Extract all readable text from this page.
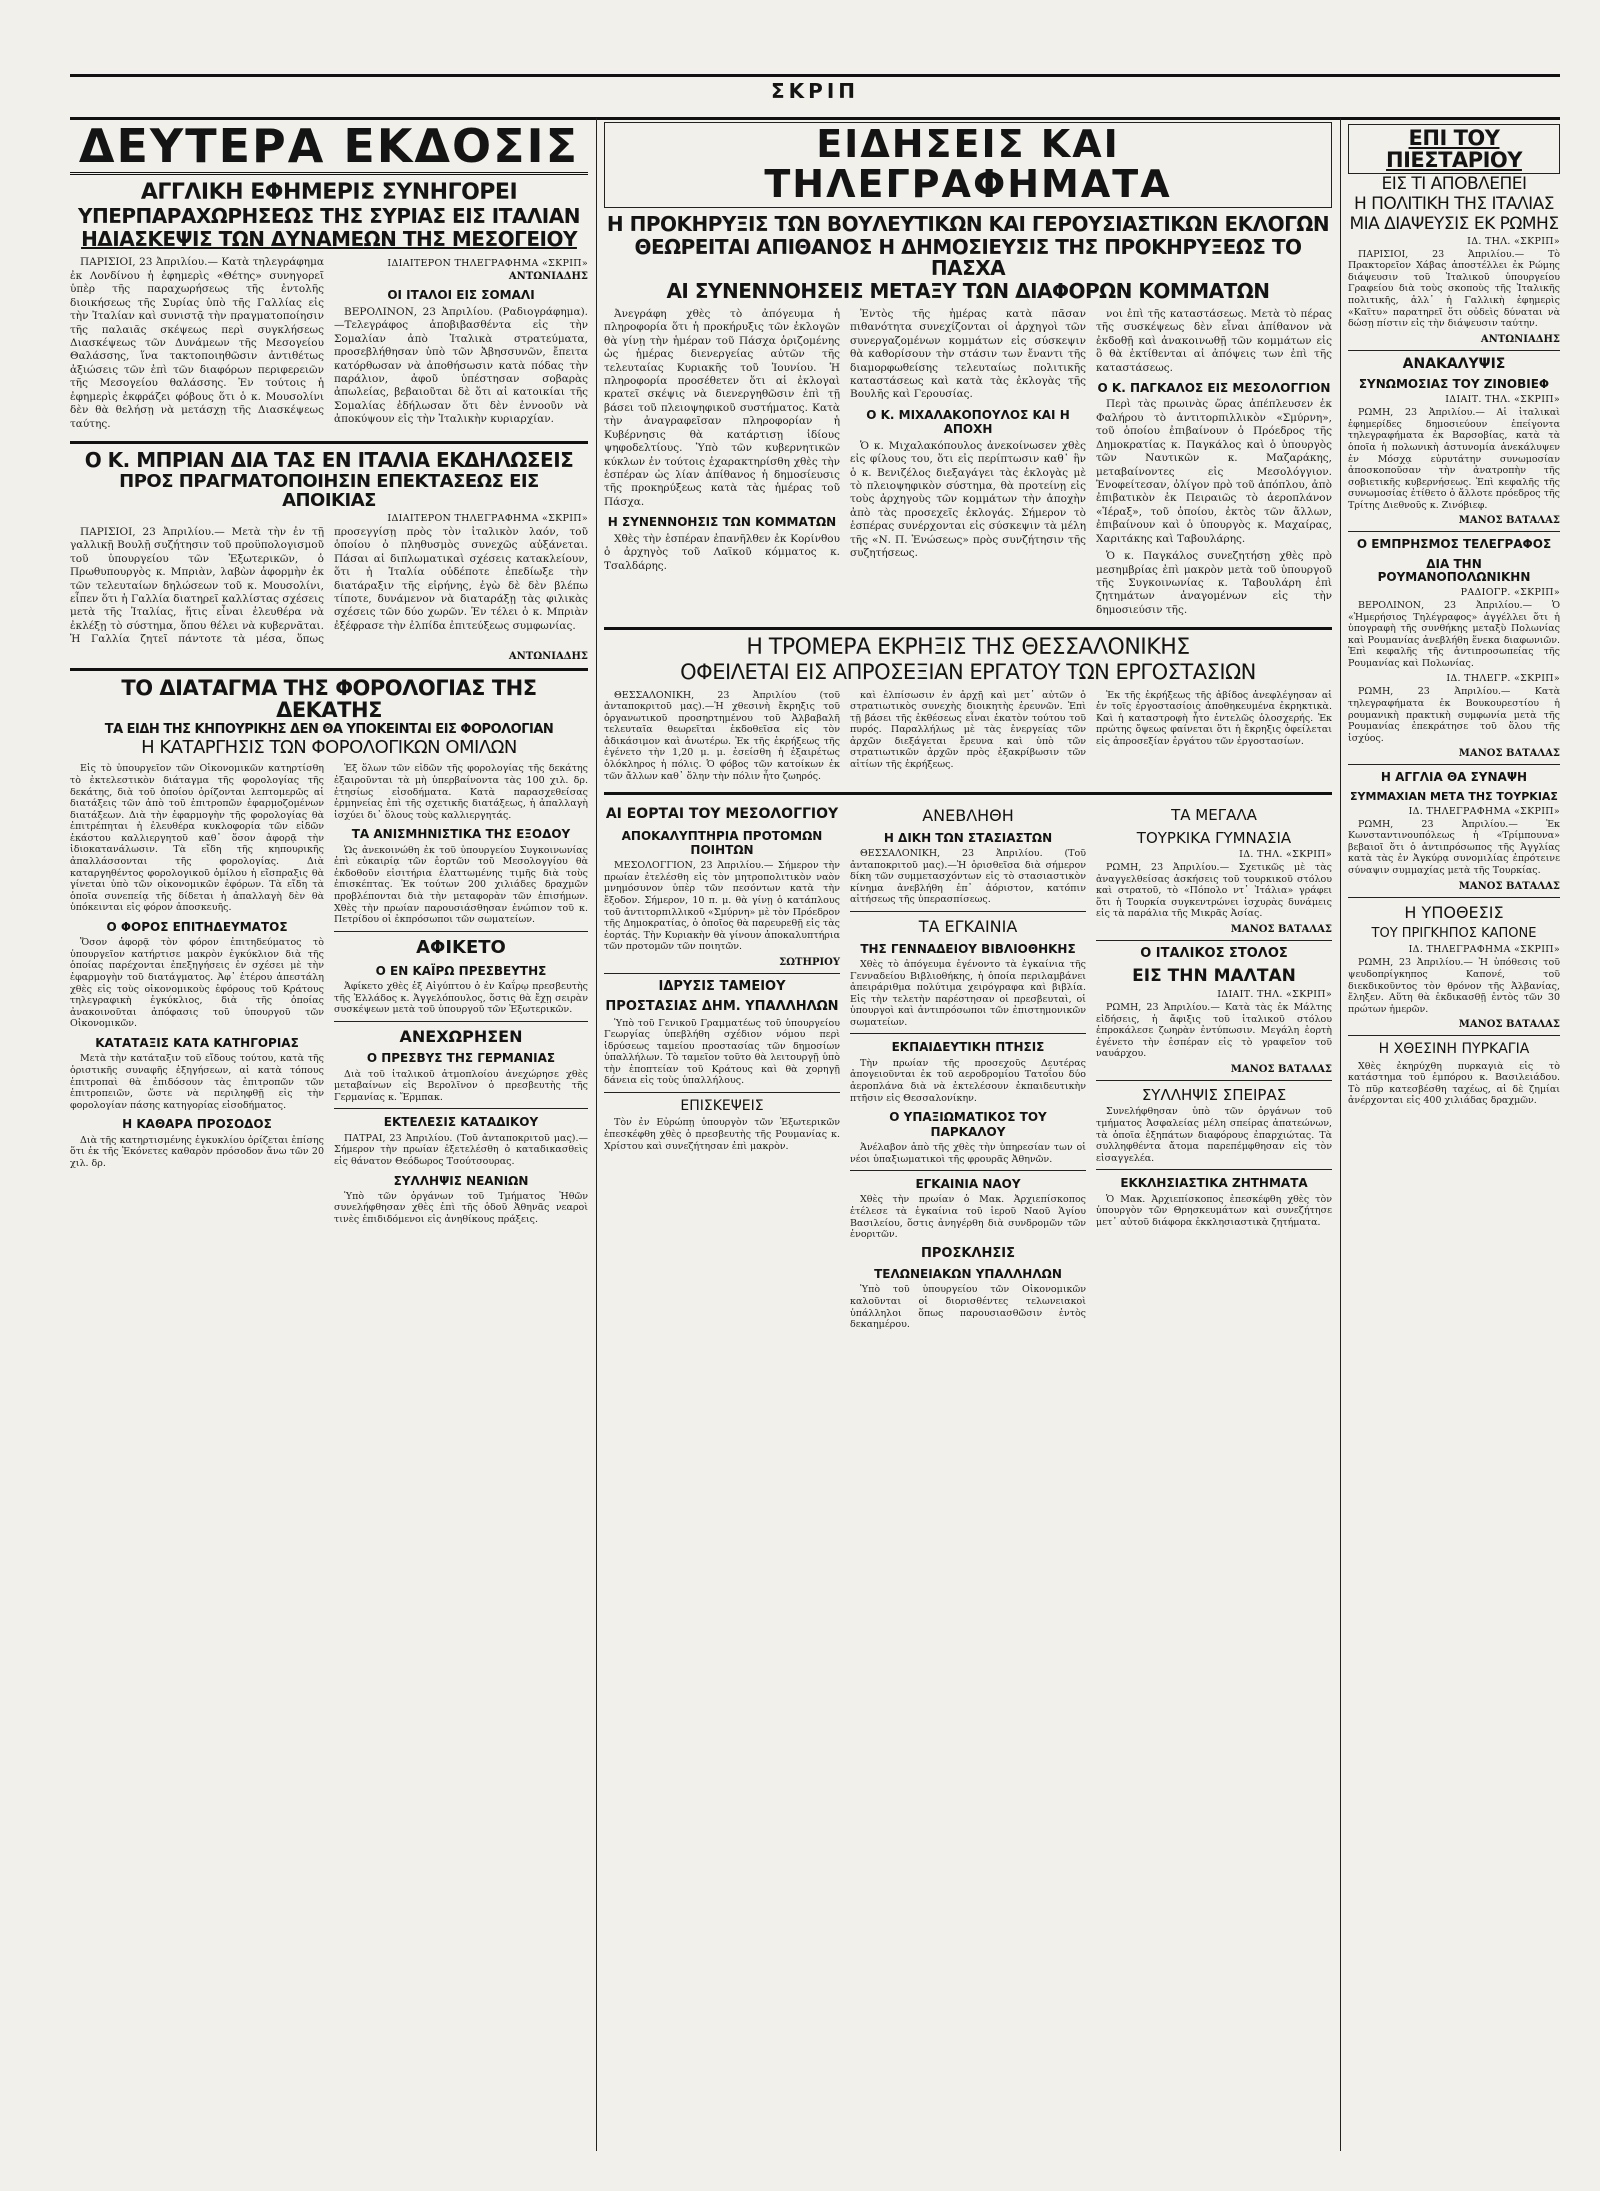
ΣΚΡΙΠ
ΔΕΥΤΕΡΑ ΕΚΔΟΣΙΣ
ΑΓΓΛΙΚΗ ΕΦΗΜΕΡΙΣ ΣΥΝΗΓΟΡΕΙ
ΥΠΕΡΠΑΡΑΧΩΡΗΣΕΩΣ ΤΗΣ ΣΥΡΙΑΣ ΕΙΣ ΙΤΑΛΙΑΝ
ΗΔΙΑΣΚΕΨΙΣ ΤΩΝ ΔΥΝΑΜΕΩΝ ΤΗΣ ΜΕΣΟΓΕΙΟΥ

ΠΑΡΙΣΙΟΙ, 23 Ἀπριλίου.— Κατὰ τηλεγράφημα ἐκ Λονδίνου ἡ ἐφημερὶς «Θέτης» συνηγορεῖ ὑπὲρ τῆς παραχωρήσεως τῆς ἐντολῆς διοικήσεως τῆς Συρίας ὑπὸ τῆς Γαλλίας εἰς τὴν Ἰταλίαν καὶ συνιστᾷ τὴν πραγματοποίησιν τῆς παλαιᾶς σκέψεως περὶ συγκλήσεως Διασκέψεως τῶν Δυνάμεων τῆς Μεσογείου Θαλάσσης, ἵνα τακτοποιηθῶσιν ἀντιθέτως ἀξιώσεις τῶν ἐπὶ τῶν διαφόρων περιφερειῶν τῆς Μεσογείου θαλάσσης. Ἐν τούτοις ἡ ἐφημερὶς ἐκφράζει φόβους ὅτι ὁ κ. Μουσολίνι δὲν θὰ θελήσῃ νὰ μετάσχῃ τῆς Διασκέψεως ταύτης.

ΙΔΙΑΙΤΕΡΟΝ ΤΗΛΕΓΡΑΦΗΜΑ «ΣΚΡΙΠ»
ΑΝΤΩΝΙΑΔΗΣ
ΟΙ ΙΤΑΛΟΙ ΕΙΣ ΣΟΜΑΛΙ

ΒΕΡΟΛΙΝΟΝ, 23 Ἀπριλίου. (Ραδιογράφημα).—Τελεγράφος ἀποβιβασθέντα εἰς τὴν Σομαλίαν ἀπὸ Ἰταλικὰ στρατεύματα, προσεβλήθησαν ὑπὸ τῶν Ἀβησσυνῶν, ἔπειτα κατόρθωσαν νὰ ἀποθήσωσιν κατὰ πόδας τὴν παράλιον, ἀφοῦ ὑπέστησαν σοβαρὰς ἀπωλείας, βεβαιοῦται δὲ ὅτι αἱ κατοικίαι τῆς Σομαλίας ἐδήλωσαν ὅτι δὲν ἐννοοῦν νὰ ἀποκύψουν εἰς τὴν Ἰταλικὴν κυριαρχίαν.

Ο Κ. ΜΠΡΙΑΝ ΔΙΑ ΤΑΣ ΕΝ ΙΤΑΛΙΑ ΕΚΔΗΛΩΣΕΙΣ
ΠΡΟΣ ΠΡΑΓΜΑΤΟΠΟΙΗΣΙΝ ΕΠΕΚΤΑΣΕΩΣ ΕΙΣ ΑΠΟΙΚΙΑΣ
ΙΔΙΑΙΤΕΡΟΝ ΤΗΛΕΓΡΑΦΗΜΑ «ΣΚΡΙΠ»

ΠΑΡΙΣΙΟΙ, 23 Ἀπριλίου.— Μετὰ τὴν ἐν τῇ γαλλικῇ Βουλῇ συζήτησιν τοῦ προϋπολογισμοῦ τοῦ ὑπουργείου τῶν Ἐξωτερικῶν, ὁ Πρωθυπουργὸς κ. Μπριὰν, λαβὼν ἀφορμὴν ἐκ τῶν τελευταίων δηλώσεων τοῦ κ. Μουσολίνι, εἶπεν ὅτι ἡ Γαλλία διατηρεῖ καλλίστας σχέσεις μετὰ τῆς Ἰταλίας, ἥτις εἶναι ἐλευθέρα νὰ ἐκλέξῃ τὸ σύστημα, ὅπου θέλει νὰ κυβερνᾶται. Ἡ Γαλλία ζητεῖ πάντοτε τὰ μέσα, ὅπως προσεγγίσῃ πρὸς τὸν ἰταλικὸν λαόν, τοῦ ὁποίου ὁ πληθυσμὸς συνεχῶς αὐξάνεται. Πάσαι αἱ διπλωματικαὶ σχέσεις κατακλείουν, ὅτι ἡ Ἰταλία οὐδέποτε ἐπεδίωξε τὴν διατάραξιν τῆς εἰρήνης, ἐγὼ δὲ δὲν βλέπω τίποτε, δυνάμενον νὰ διαταράξῃ τὰς φιλικὰς σχέσεις τῶν δύο χωρῶν. Ἐν τέλει ὁ κ. Μπριὰν ἐξέφρασε τὴν ἐλπίδα ἐπιτεύξεως συμφωνίας.

ΑΝΤΩΝΙΑΔΗΣ
ΤΟ ΔΙΑΤΑΓΜΑ ΤΗΣ ΦΟΡΟΛΟΓΙΑΣ ΤΗΣ ΔΕΚΑΤΗΣ
ΤΑ ΕΙΔΗ ΤΗΣ ΚΗΠΟΥΡΙΚΗΣ ΔΕΝ ΘΑ ΥΠΟΚΕΙΝΤΑΙ ΕΙΣ ΦΟΡΟΛΟΓΙΑΝ
Η ΚΑΤΑΡΓΗΣΙΣ ΤΩΝ ΦΟΡΟΛΟΓΙΚΩΝ ΟΜΙΛΩΝ

Εἰς τὸ ὑπουργεῖον τῶν Οἰκονομικῶν κατηρτίσθη τὸ ἐκτελεστικὸν διάταγμα τῆς φορολογίας τῆς δεκάτης, διὰ τοῦ ὁποίου ὁρίζονται λεπτομερῶς αἱ διατάξεις τῶν ἀπὸ τοῦ ἐπιτροπῶν ἐφαρμοζομένων διατάξεων. Διὰ τὴν ἐφαρμογὴν τῆς φορολογίας θὰ ἐπιτρέπηται ἡ ἐλευθέρα κυκλοφορία τῶν εἰδῶν ἑκάστου καλλιεργητοῦ καθ᾽ ὅσον ἀφορᾷ τὴν ἰδιοκατανάλωσιν. Τὰ εἴδη τῆς κηπουρικῆς ἀπαλλάσσονται τῆς φορολογίας. Διὰ καταργηθέντος φορολογικοῦ ὀμίλου ἡ εἴσπραξις θὰ γίνεται ὑπὸ τῶν οἰκονομικῶν ἐφόρων. Τὰ εἴδη τὰ ὁποῖα συνεπείᾳ τῆς δίδεται ἡ ἀπαλλαγὴ δὲν θὰ ὑπόκεινται εἰς φόρον ἀποσκευῆς.

Ο ΦΟΡΟΣ ΕΠΙΤΗΔΕΥΜΑΤΟΣ

Ὅσον ἀφορᾷ τὸν φόρον ἐπιτηδεύματος τὸ ὑπουργεῖον κατήρτισε μακρὸν ἐγκύκλιον διὰ τῆς ὁποίας παρέχονται ἐπεξηγήσεις ἐν σχέσει μὲ τὴν ἐφαρμογὴν τοῦ διατάγματος. Ἀφ᾽ ἑτέρου ἀπεστάλη χθὲς εἰς τοὺς οἰκονομικοὺς ἐφόρους τοῦ Κράτους τηλεγραφικὴ ἐγκύκλιος, διὰ τῆς ὁποίας ἀνακοινοῦται ἀπόφασις τοῦ ὑπουργοῦ τῶν Οἰκονομικῶν.

ΚΑΤΑΤΑΞΙΣ ΚΑΤΑ ΚΑΤΗΓΟΡΙΑΣ

Μετὰ τὴν κατάταξιν τοῦ εἴδους τούτου, κατὰ τῆς ὁριστικῆς συναφῆς ἐξηγήσεων, αἱ κατὰ τόπους ἐπιτροπαὶ θὰ ἐπιδόσουν τὰς ἐπιτροπῶν τῶν ἐπιτροπειῶν, ὥστε νὰ περιληφθῇ εἰς τὴν φορολογίαν πάσης κατηγορίας εἰσοδήματος.

Η ΚΑΘΑΡΑ ΠΡΟΣΟΔΟΣ

Διὰ τῆς κατηρτισμένης ἐγκυκλίου ὁρίζεται ἐπίσης ὅτι ἐκ τῆς Ἐκόνετες καθαρὸν πρόσοδον ἄνω τῶν 20 χιλ. δρ.

Ἐξ ὅλων τῶν εἰδῶν τῆς φορολογίας τῆς δεκάτης ἐξαιροῦνται τὰ μὴ ὑπερβαίνοντα τὰς 100 χιλ. δρ. ἐτησίως εἰσοδήματα. Κατὰ παρασχεθείσας ἑρμηνείας ἐπὶ τῆς σχετικῆς διατάξεως, ἡ ἀπαλλαγὴ ἰσχύει δι᾽ ὅλους τοὺς καλλιεργητάς.

ΤΑ ΑΝΙΣΜΗΝΙΣΤΙΚΑ ΤΗΣ ΕΞΟΔΟΥ

Ὡς ἀνεκοινώθη ἐκ τοῦ ὑπουργείου Συγκοινωνίας ἐπὶ εὐκαιρίᾳ τῶν ἑορτῶν τοῦ Μεσολογγίου θὰ ἐκδοθοῦν εἰσιτήρια ἐλαττωμένης τιμῆς διὰ τοὺς ἐπισκέπτας. Ἐκ τούτων 200 χιλιάδες δραχμῶν προβλέπονται διὰ τὴν μεταφορὰν τῶν ἐπισήμων. Χθὲς τὴν πρωίαν παρουσιάσθησαν ἐνώπιον τοῦ κ. Πετρίδου οἱ ἐκπρόσωποι τῶν σωματείων.

ΑΦΙΚΕΤΟ
Ο ΕΝ ΚΑΪΡΩ ΠΡΕΣΒΕΥΤΗΣ

Ἀφίκετο χθὲς ἐξ Αἰγύπτου ὁ ἐν Καΐρῳ πρεσβευτὴς τῆς Ἑλλάδος κ. Ἀγγελόπουλος, ὅστις θὰ ἔχῃ σειρὰν συσκέψεων μετὰ τοῦ ὑπουργοῦ τῶν Ἐξωτερικῶν.

ΑΝΕΧΩΡΗΣΕΝ
Ο ΠΡΕΣΒΥΣ ΤΗΣ ΓΕΡΜΑΝΙΑΣ

Διὰ τοῦ ἰταλικοῦ ἀτμοπλοίου ἀνεχώρησε χθὲς μεταβαίνων εἰς Βερολῖνον ὁ πρεσβευτὴς τῆς Γερμανίας κ. Ἔρμπακ.

ΕΚΤΕΛΕΣΙΣ ΚΑΤΑΔΙΚΟΥ

ΠΑΤΡΑΙ, 23 Ἀπριλίου. (Τοῦ ἀνταποκριτοῦ μας).— Σήμερον τὴν πρωίαν ἐξετελέσθη ὁ καταδικασθεὶς εἰς θάνατον Θεόδωρος Τσούτσουρας.

ΣΥΛΛΗΨΙΣ ΝΕΑΝΙΩΝ

Ὑπὸ τῶν ὀργάνων τοῦ Τμήματος Ἠθῶν συνελήφθησαν χθὲς ἐπὶ τῆς ὁδοῦ Ἀθηνᾶς νεαροὶ τινὲς ἐπιδιδόμενοι εἰς ἀνηθίκους πράξεις.

ΕΙΔΗΣΕΙΣ ΚΑΙ ΤΗΛΕΓΡΑΦΗΜΑΤΑ
Η ΠΡΟΚΗΡΥΞΙΣ ΤΩΝ ΒΟΥΛΕΥΤΙΚΩΝ ΚΑΙ ΓΕΡΟΥΣΙΑΣΤΙΚΩΝ ΕΚΛΟΓΩΝ
ΘΕΩΡΕΙΤΑΙ ΑΠΙΘΑΝΟΣ Η ΔΗΜΟΣΙΕΥΣΙΣ ΤΗΣ ΠΡΟΚΗΡΥΞΕΩΣ ΤΟ ΠΑΣΧΑ
ΑΙ ΣΥΝΕΝΝΟΗΣΕΙΣ ΜΕΤΑΞΥ ΤΩΝ ΔΙΑΦΟΡΩΝ ΚΟΜΜΑΤΩΝ

Ἀνεγράφη χθὲς τὸ ἀπόγευμα ἡ πληροφορία ὅτι ἡ προκήρυξις τῶν ἐκλογῶν θὰ γίνῃ τὴν ἡμέραν τοῦ Πάσχα ὁριζομένης ὡς ἡμέρας διενεργείας αὐτῶν τῆς τελευταίας Κυριακῆς τοῦ Ἰουνίου. Ἡ πληροφορία προσέθετεν ὅτι αἱ ἐκλογαὶ κρατεῖ σκέψις νὰ διενεργηθῶσιν ἐπὶ τῇ βάσει τοῦ πλειοψηφικοῦ συστήματος. Κατὰ τὴν ἀναγραφεῖσαν πληροφορίαν ἡ Κυβέρνησις θὰ κατάρτισῃ ἰδίους ψηφοδελτίους. Ὑπὸ τῶν κυβερνητικῶν κύκλων ἐν τούτοις ἐχαρακτηρίσθη χθὲς τὴν ἑσπέραν ὡς λίαν ἀπίθανος ἡ δημοσίευσις τῆς προκηρύξεως κατὰ τὰς ἡμέρας τοῦ Πάσχα.

Η ΣΥΝΕΝΝΟΗΣΙΣ ΤΩΝ ΚΟΜΜΑΤΩΝ

Χθὲς τὴν ἑσπέραν ἐπανῆλθεν ἐκ Κορίνθου ὁ ἀρχηγὸς τοῦ Λαϊκοῦ κόμματος κ. Τσαλδάρης.

Ἐντὸς τῆς ἡμέρας κατὰ πᾶσαν πιθανότητα συνεχίζονται οἱ ἀρχηγοὶ τῶν συνεργαζομένων κομμάτων εἰς σύσκεψιν θὰ καθορίσουν τὴν στάσιν των ἔναντι τῆς διαμορφωθείσης τελευταίως πολιτικῆς καταστάσεως καὶ κατὰ τὰς ἐκλογὰς τῆς Βουλῆς καὶ Γερουσίας.

Ο Κ. ΜΙΧΑΛΑΚΟΠΟΥΛΟΣ ΚΑΙ Η ΑΠΟΧΗ

Ὁ κ. Μιχαλακόπουλος ἀνεκοίνωσεν χθὲς εἰς φίλους του, ὅτι εἰς περίπτωσιν καθ᾽ ἣν ὁ κ. Βενιζέλος διεξαγάγει τὰς ἐκλογὰς μὲ τὸ πλειοψηφικὸν σύστημα, θὰ προτείνῃ εἰς τοὺς ἀρχηγοὺς τῶν κομμάτων τὴν ἀποχὴν ἀπὸ τὰς προσεχεῖς ἐκλογάς. Σήμερον τὸ ἑσπέρας συνέρχονται εἰς σύσκεψιν τὰ μέλη τῆς «Ν. Π. Ἑνώσεως» πρὸς συνζήτησιν τῆς συζητήσεως.

νοι ἐπὶ τῆς καταστάσεως. Μετὰ τὸ πέρας τῆς συσκέψεως δὲν εἶναι ἀπίθανον νὰ ἐκδοθῇ καὶ ἀνακοινωθῇ τῶν κομμάτων εἰς ὃ θὰ ἐκτίθενται αἱ ἀπόψεις των ἐπὶ τῆς καταστάσεως.

Ο Κ. ΠΑΓΚΑΛΟΣ ΕΙΣ ΜΕΣΟΛΟΓΓΙΟΝ

Περὶ τὰς πρωινὰς ὥρας ἀπέπλευσεν ἐκ Φαλήρου τὸ ἀντιτορπιλλικὸν «Σμύρνη», τοῦ ὁποίου ἐπιβαίνουν ὁ Πρόεδρος τῆς Δημοκρατίας κ. Παγκάλος καὶ ὁ ὑπουργὸς τῶν Ναυτικῶν κ. Μαζαράκης, μεταβαίνοντες εἰς Μεσολόγγιον. Ἐνοφείτεσαν, ὀλίγον πρὸ τοῦ ἀπόπλου, ἀπὸ ἐπιβατικὸν ἐκ Πειραιῶς τὸ ἀεροπλάνον «Ἱέραξ», τοῦ ὁποίου, ἐκτὸς τῶν ἄλλων, ἐπιβαίνουν καὶ ὁ ὑπουργὸς κ. Μαχαίρας, Χαριτάκης καὶ Ταβουλάρης.

Ὁ κ. Παγκάλος συνεζητήσῃ χθὲς πρὸ μεσημβρίας ἐπὶ μακρὸν μετὰ τοῦ ὑπουργοῦ τῆς Συγκοινωνίας κ. Ταβουλάρη ἐπὶ ζητημάτων ἀναγομένων εἰς τὴν δημοσιεύσιν τῆς.

Η ΤΡΟΜΕΡΑ ΕΚΡΗΞΙΣ ΤΗΣ ΘΕΣΣΑΛΟΝΙΚΗΣ
ΟΦΕΙΛΕΤΑΙ ΕΙΣ ΑΠΡΟΣΕΞΙΑΝ ΕΡΓΑΤΟΥ ΤΩΝ ΕΡΓΟΣΤΑΣΙΩΝ

ΘΕΣΣΑΛΟΝΙΚΗ, 23 Ἀπριλίου (τοῦ ἀνταποκριτοῦ μας).—Ἡ χθεσινὴ ἔκρηξις τοῦ ὀργανωτικοῦ προσηρτημένου τοῦ Ἀλβαβαλῆ τελευταῖα θεωρεῖται ἐκδοθεῖσα εἰς τὸν ἀδικάσιμον καὶ ἀνωτέρω. Ἐκ τῆς ἐκρήξεως τῆς ἐγένετο τὴν 1,20 μ. μ. ἐσείσθη ἡ ἐξαιρέτως ὁλόκληρος ἡ πόλις. Ὁ φόβος τῶν κατοίκων ἐκ τῶν ἄλλων καθ᾽ ὅλην τὴν πόλιν ἦτο ζωηρός.

καὶ ἐλπίσωσιν ἐν ἀρχῇ καὶ μετ᾽ αὐτῶν ὁ στρατιωτικὸς συνεχὴς διοικητὴς ἐρευνῶν. Ἐπὶ τῇ βάσει τῆς ἐκθέσεως εἶναι ἐκατὸν τούτου τοῦ πυρός. Παραλλήλως μὲ τὰς ἐνεργείας τῶν ἀρχῶν διεξάγεται ἔρευνα καὶ ὑπὸ τῶν στρατιωτικῶν ἀρχῶν πρὸς ἐξακρίβωσιν τῶν αἰτίων τῆς ἐκρήξεως.

Ἐκ τῆς ἐκρήξεως τῆς ἀβίδος ἀνεφλέγησαν αἱ ἐν τοῖς ἐργοστασίοις ἀποθηκευμένα ἐκρηκτικὰ. Καὶ ἡ καταστροφὴ ἦτο ἐντελῶς ὁλοσχερής. Ἐκ πρώτης ὄψεως φαίνεται ὅτι ἡ ἔκρηξις ὀφείλεται εἰς ἀπροσεξίαν ἐργάτου τῶν ἐργοστασίων.

ΑΙ ΕΟΡΤΑΙ ΤΟΥ ΜΕΣΟΛΟΓΓΙΟΥ
ΑΠΟΚΑΛΥΠΤΗΡΙΑ ΠΡΟΤΟΜΩΝ ΠΟΙΗΤΩΝ

ΜΕΣΟΛΟΓΓΙΟΝ, 23 Ἀπριλίου.— Σήμερον τὴν πρωίαν ἐτελέσθη εἰς τὸν μητροπολιτικὸν ναὸν μνημόσυνον ὑπὲρ τῶν πεσόντων κατὰ τὴν ἔξοδον. Σήμερον, 10 π. μ. θὰ γίνῃ ὁ κατάπλους τοῦ ἀντιτορπιλλικοῦ «Σμύρνη» μὲ τὸν Πρόεδρον τῆς Δημοκρατίας, ὁ ὁποῖος θὰ παρευρεθῇ εἰς τὰς ἑορτάς. Τὴν Κυριακὴν θὰ γίνουν ἀποκαλυπτήρια τῶν προτομῶν τῶν ποιητῶν.

ΣΩΤΗΡΙΟΥ
ΙΔΡΥΣΙΣ ΤΑΜΕΙΟΥ
ΠΡΟΣΤΑΣΙΑΣ ΔΗΜ. ΥΠΑΛΛΗΛΩΝ

Ὑπὸ τοῦ Γενικοῦ Γραμματέως τοῦ ὑπουργείου Γεωργίας ὑπεβλήθη σχέδιον νόμου περὶ ἱδρύσεως ταμείου προστασίας τῶν δημοσίων ὑπαλλήλων. Τὸ ταμεῖον τοῦτο θὰ λειτουργῇ ὑπὸ τὴν ἐποπτείαν τοῦ Κράτους καὶ θὰ χορηγῇ δάνεια εἰς τοὺς ὑπαλλήλους.

ΕΠΙΣΚΕΨΕΙΣ

Τὸν ἐν Εὐρώπῃ ὑπουργὸν τῶν Ἐξωτερικῶν ἐπεσκέφθη χθὲς ὁ πρεσβευτὴς τῆς Ρουμανίας κ. Χρίστου καὶ συνεζήτησαν ἐπὶ μακρὸν.

ΑΝΕΒΛΗΘΗ
Η ΔΙΚΗ ΤΩΝ ΣΤΑΣΙΑΣΤΩΝ

ΘΕΣΣΑΛΟΝΙΚΗ, 23 Ἀπριλίου. (Τοῦ ἀνταποκριτοῦ μας).—Ἡ ὁρισθεῖσα διὰ σήμερον δίκη τῶν συμμετασχόντων εἰς τὸ στασιαστικὸν κίνημα ἀνεβλήθη ἐπ᾽ ἀόριστον, κατόπιν αἰτήσεως τῆς ὑπερασπίσεως.

ΤΑ ΕΓΚΑΙΝΙΑ
ΤΗΣ ΓΕΝΝΑΔΕΙΟΥ ΒΙΒΛΙΟΘΗΚΗΣ

Χθὲς τὸ ἀπόγευμα ἐγένοντο τὰ ἐγκαίνια τῆς Γενναδείου Βιβλιοθήκης, ἡ ὁποία περιλαμβάνει ἀπειράριθμα πολύτιμα χειρόγραφα καὶ βιβλία. Εἰς τὴν τελετὴν παρέστησαν οἱ πρεσβευταὶ, οἱ ὑπουργοὶ καὶ ἀντιπρόσωποι τῶν ἐπιστημονικῶν σωματείων.

ΕΚΠΑΙΔΕΥΤΙΚΗ ΠΤΗΣΙΣ

Τὴν πρωίαν τῆς προσεχοῦς Δευτέρας ἀπογειοῦνται ἐκ τοῦ αεροδρομίου Τατοΐου δύο ἀεροπλάνα διὰ νὰ ἐκτελέσουν ἐκπαιδευτικὴν πτῆσιν εἰς Θεσσαλονίκην.

Ο ΥΠΑΞΙΩΜΑΤΙΚΟΣ ΤΟΥ ΠΑΡΚΑΛΟΥ

Ἀνέλαβον ἀπὸ τῆς χθὲς τὴν ὑπηρεσίαν των οἱ νέοι ὑπαξιωματικοὶ τῆς φρουρᾶς Ἀθηνῶν.

ΕΓΚΑΙΝΙΑ ΝΑΟΥ

Χθὲς τὴν πρωίαν ὁ Μακ. Ἀρχιεπίσκοπος ἐτέλεσε τὰ ἐγκαίνια τοῦ ἱεροῦ Ναοῦ Ἁγίου Βασιλείου, ὅστις ἀνηγέρθη διὰ συνδρομῶν τῶν ἐνοριτῶν.

ΠΡΟΣΚΛΗΣΙΣ
ΤΕΛΩΝΕΙΑΚΩΝ ΥΠΑΛΛΗΛΩΝ

Ὑπὸ τοῦ ὑπουργείου τῶν Οἰκονομικῶν καλοῦνται οἱ διορισθέντες τελωνειακοὶ ὑπάλληλοι ὅπως παρουσιασθῶσιν ἐντὸς δεκαημέρου.

ΤΑ ΜΕΓΑΛΑ
ΤΟΥΡΚΙΚΑ ΓΥΜΝΑΣΙΑ
ΙΔ. ΤΗΛ. «ΣΚΡΙΠ»

ΡΩΜΗ, 23 Ἀπριλίου.— Σχετικῶς μὲ τὰς ἀναγγελθείσας ἀσκήσεις τοῦ τουρκικοῦ στόλου καὶ στρατοῦ, τὸ «Πόπολο ντ᾽ Ἰτάλια» γράφει ὅτι ἡ Τουρκία συγκεντρώνει ἰσχυρὰς δυνάμεις εἰς τὰ παράλια τῆς Μικρᾶς Ἀσίας.

ΜΑΝΟΣ ΒΑΤΑΛΑΣ
Ο ΙΤΑΛΙΚΟΣ ΣΤΟΛΟΣ
ΕΙΣ ΤΗΝ ΜΑΛΤΑΝ
ΙΔΙΑΙΤ. ΤΗΛ. «ΣΚΡΙΠ»

ΡΩΜΗ, 23 Ἀπριλίου.— Κατὰ τὰς ἐκ Μάλτης εἰδήσεις, ἡ ἄφιξις τοῦ ἰταλικοῦ στόλου ἐπροκάλεσε ζωηρὰν ἐντύπωσιν. Μεγάλη ἑορτὴ ἐγένετο τὴν ἑσπέραν εἰς τὸ γραφεῖον τοῦ ναυάρχου.

ΜΑΝΟΣ ΒΑΤΑΛΑΣ
ΣΥΛΛΗΨΙΣ ΣΠΕΙΡΑΣ

Συνελήφθησαν ὑπὸ τῶν ὀργάνων τοῦ τμήματος Ἀσφαλείας μέλη σπείρας ἀπατεώνων, τὰ ὁποῖα ἐξηπάτων διαφόρους ἐπαρχιώτας. Τὰ συλληφθέντα ἄτομα παρεπέμφθησαν εἰς τὸν εἰσαγγελέα.

ΕΚΚΛΗΣΙΑΣΤΙΚΑ ΖΗΤΗΜΑΤΑ

Ὁ Μακ. Ἀρχιεπίσκοπος ἐπεσκέφθη χθὲς τὸν ὑπουργὸν τῶν Θρησκευμάτων καὶ συνεζήτησε μετ᾽ αὐτοῦ διάφορα ἐκκλησιαστικὰ ζητήματα.

ΕΠΙ ΤΟΥ ΠΙΕΣΤΑΡΙΟΥ
ΕΙΣ ΤΙ ΑΠΟΒΛΕΠΕΙ
Η ΠΟΛΙΤΙΚΗ ΤΗΣ ΙΤΑΛΙΑΣ
ΜΙΑ ΔΙΑΨΕΥΣΙΣ ΕΚ ΡΩΜΗΣ
ΙΔ. ΤΗΛ. «ΣΚΡΙΠ»

ΠΑΡΙΣΙΟΙ, 23 Ἀπριλίου.— Τὸ Πρακτορεῖον Χάβας ἀποστέλλει ἐκ Ρώμης διάψευσιν τοῦ Ἰταλικοῦ ὑπουργείου Γραφείου διὰ τοὺς σκοποὺς τῆς Ἰταλικῆς πολιτικῆς, ἀλλ᾽ ἡ Γαλλικὴ ἐφημερὶς «Καϊτυ» παρατηρεῖ ὅτι οὐδεὶς δύναται νὰ δώσῃ πίστιν εἰς τὴν διάψευσιν ταύτην.

ΑΝΤΩΝΙΑΔΗΣ
ΑΝΑΚΑΛΥΨΙΣ
ΣΥΝΩΜΟΣΙΑΣ ΤΟΥ ΖΙΝΟΒΙΕΦ
ΙΔΙΑΙΤ. ΤΗΛ. «ΣΚΡΙΠ»

ΡΩΜΗ, 23 Ἀπριλίου.— Αἱ ἰταλικαὶ ἐφημερίδες δημοσιεύουν ἐπείγοντα τηλεγραφήματα ἐκ Βαρσοβίας, κατὰ τὰ ὁποῖα ἡ πολωνικὴ ἀστυνομία ἀνεκάλυψεν ἐν Μόσχᾳ εὐρυτάτην συνωμοσίαν ἀποσκοποῦσαν τὴν ἀνατροπὴν τῆς σοβιετικῆς κυβερνήσεως. Ἐπὶ κεφαλῆς τῆς συνωμοσίας ἐτίθετο ὁ ἄλλοτε πρόεδρος τῆς Τρίτης Διεθνοῦς κ. Ζινόβιεφ.

ΜΑΝΟΣ ΒΑΤΑΛΑΣ
Ο ΕΜΠΡΗΣΜΟΣ ΤΕΛΕΓΡΑΦΟΣ
ΔΙΑ ΤΗΝ ΡΟΥΜΑΝΟΠΟΛΩΝΙΚΗΝ
ΡΑΔΙΟΓΡ. «ΣΚΡΙΠ»

ΒΕΡΟΛΙΝΟΝ, 23 Ἀπριλίου.— Ὁ «Ἡμερήσιος Τηλέγραφος» ἀγγέλλει ὅτι ἡ ὑπογραφὴ τῆς συνθήκης μεταξὺ Πολωνίας καὶ Ρουμανίας ἀνεβλήθη ἕνεκα διαφωνιῶν. Ἐπὶ κεφαλῆς τῆς ἀντιπροσωπείας τῆς Ρουμανίας καὶ Πολωνίας.

ΙΔ. ΤΗΛΕΓΡ. «ΣΚΡΙΠ»

ΡΩΜΗ, 23 Ἀπριλίου.— Κατὰ τηλεγραφήματα ἐκ Βουκουρεστίου ἡ ρουμανικὴ πρακτικὴ συμφωνία μετὰ τῆς Ρουμανίας ἐπεκράτησε τοῦ ὅλου τῆς ἰσχύος.

ΜΑΝΟΣ ΒΑΤΑΛΑΣ
Η ΑΓΓΛΙΑ ΘΑ ΣΥΝΑΨΗ
ΣΥΜΜΑΧΙΑΝ ΜΕΤΑ ΤΗΣ ΤΟΥΡΚΙΑΣ
ΙΔ. ΤΗΛΕΓΡΑΦΗΜΑ «ΣΚΡΙΠ»

ΡΩΜΗ, 23 Ἀπριλίου.— Ἐκ Κωνσταντινουπόλεως ἡ «Τρίμπουνα» βεβαιοῖ ὅτι ὁ ἀντιπρόσωπος τῆς Ἀγγλίας κατὰ τὰς ἐν Ἀγκύρᾳ συνομιλίας ἐπρότεινε σύναψιν συμμαχίας μετὰ τῆς Τουρκίας.

ΜΑΝΟΣ ΒΑΤΑΛΑΣ
Η ΥΠΟΘΕΣΙΣ
ΤΟΥ ΠΡΙΓΚΗΠΟΣ ΚΑΠΟΝΕ
ΙΔ. ΤΗΛΕΓΡΑΦΗΜΑ «ΣΚΡΙΠ»

ΡΩΜΗ, 23 Ἀπριλίου.— Ἡ ὑπόθεσις τοῦ ψευδοπρίγκηπος Καπονέ, τοῦ διεκδικοῦντος τὸν θρόνον τῆς Ἀλβανίας, ἔληξεν. Αὕτη θὰ ἐκδικασθῇ ἐντὸς τῶν 30 πρώτων ἡμερῶν.

ΜΑΝΟΣ ΒΑΤΑΛΑΣ
Η ΧΘΕΣΙΝΗ ΠΥΡΚΑΓΙΑ

Χθὲς ἐκηρύχθη πυρκαγιὰ εἰς τὸ κατάστημα τοῦ ἐμπόρου κ. Βασιλειάδου. Τὸ πῦρ κατεσβέσθη ταχέως, αἱ δὲ ζημίαι ἀνέρχονται εἰς 400 χιλιάδας δραχμῶν.
